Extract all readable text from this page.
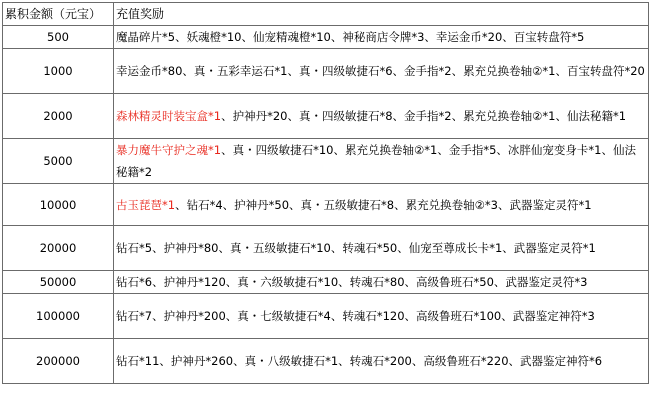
累积金额（元宝）	充值奖励
500	魔晶碎片*5、妖魂橙*10、仙宠精魂橙*10、神秘商店令牌*3、幸运金币*20、百宝转盘符*5
1000	幸运金币*80、真・五彩幸运石*1、真・四级敏捷石*6、金手指*2、累充兑换卷轴②*1、百宝转盘符*20
2000	森林精灵时装宝盒*1、护神丹*20、真・四级敏捷石*8、金手指*2、累充兑换卷轴②*1、仙法秘籍*1
5000	暴力魔牛守护之魂*1、真・四级敏捷石*10、累充兑换卷轴②*1、金手指*5、冰胖仙宠变身卡*1、仙法秘籍*2
10000	古玉琵琶*1、钻石*4、护神丹*50、真・五级敏捷石*8、累充兑换卷轴②*3、武器鉴定灵符*1
20000	钻石*5、护神丹*80、真・五级敏捷石*10、转魂石*50、仙宠至尊成长卡*1、武器鉴定灵符*1
50000	钻石*6、护神丹*120、真・六级敏捷石*10、转魂石*80、高级鲁班石*50、武器鉴定灵符*3
100000	钻石*7、护神丹*200、真・七级敏捷石*4、转魂石*120、高级鲁班石*100、武器鉴定神符*3
200000	钻石*11、护神丹*260、真・八级敏捷石*1、转魂石*200、高级鲁班石*220、武器鉴定神符*6
